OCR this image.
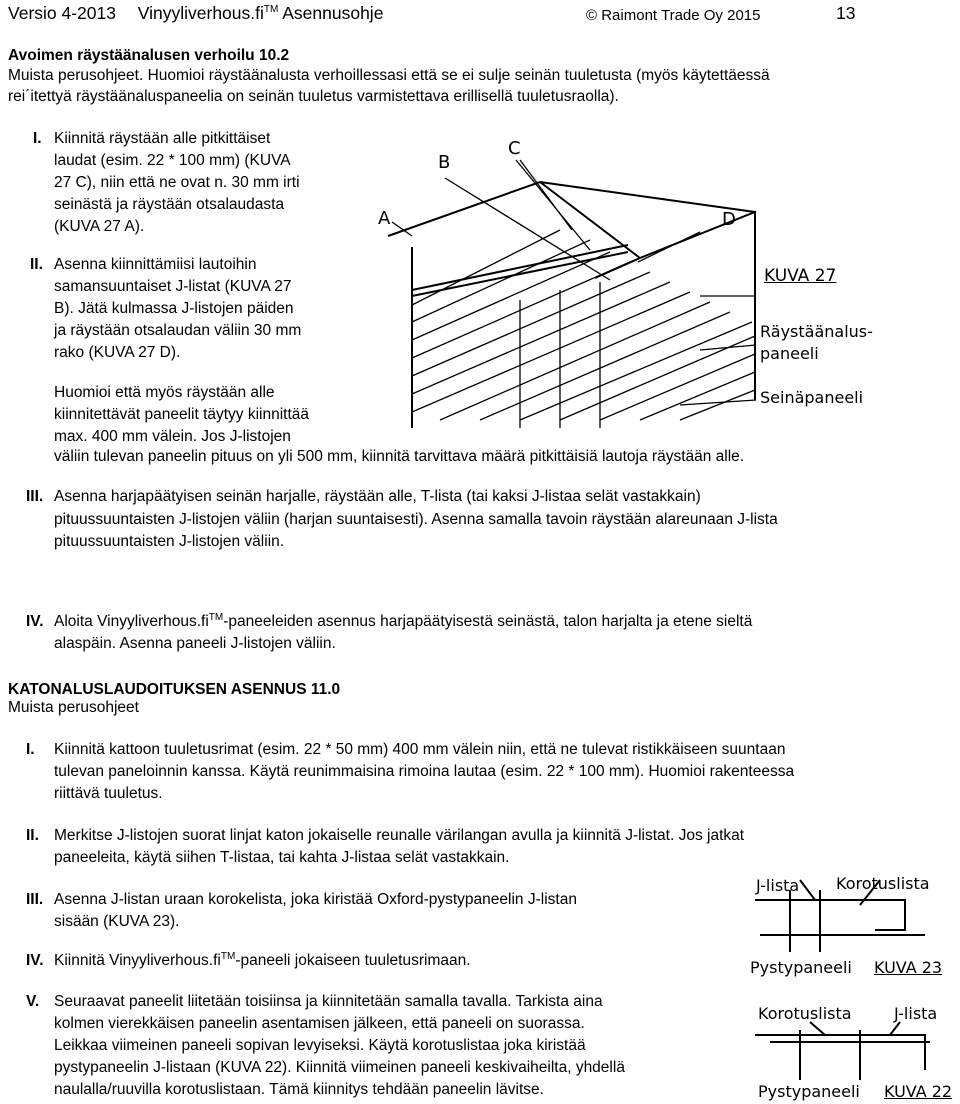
Versio 4-2013 Vinyyliverhous.fi™ Asennusohje	© Raimont Trade Oy 2015	13
Avoimen räystäänalusen verhoilu 10.2
Muista perusohjeet. Huomioi räystäänalusta verhoillessasi että se ei sulje seinän tuuletusta (myös käytettäessä
rei´itettyä räystäänaluspaneelia on seinän tuuletus varmistettava erillisellä tuuletusraolla).
I. Kiinnitä räystään alle pitkittäiset
laudat (esim. 22 * 100 mm) (KUVA
27 C), niin että ne ovat n. 30 mm irti
seinästä ja räystään otsalaudasta
(KUVA 27 A).
II. Asenna kiinnittämiisi lautoihin
samansuuntaiset J-listat (KUVA 27
B). Jätä kulmassa J-listojen päiden
ja räystään otsalaudan väliin 30 mm
rako (KUVA 27 D).
Huomioi että myös räystään alle
kiinnitettävät paneelit täytyy kiinnittää
max. 400 mm välein. Jos J-listojen
väliin tulevan paneelin pituus on yli 500 mm, kiinnitä tarvittava määrä pitkittäisiä lautoja räystään alle.
III. Asenna harjapäätyisen seinän harjalle, räystään alle, T-lista (tai kaksi J-listaa selät vastakkain)
pituussuuntaisten J-listojen väliin (harjan suuntaisesti). Asenna samalla tavoin räystään alareunaan J-lista
pituussuuntaisten J-listojen väliin.
IV. Aloita Vinyyliverhous.fi™-paneeleiden asennus harjapäätyisestä seinästä, talon harjalta ja etene sieltä
alaspäin. Asenna paneeli J-listojen väliin.
A
B
C
D
KUVA 27
Räystäänalus-
paneeli
Seinäpaneeli
KATONALUSLAUDOITUKSEN ASENNUS 11.0
Muista perusohjeet
I. Kiinnitä kattoon tuuletusrimat (esim. 22 * 50 mm) 400 mm välein niin, että ne tulevat ristikkäiseen suuntaan
tulevan paneloinnin kanssa. Käytä reunimmaisina rimoina lautaa (esim. 22 * 100 mm). Huomioi rakenteessa
riittävä tuuletus.
II. Merkitse J-listojen suorat linjat katon jokaiselle reunalle värilangan avulla ja kiinnitä J-listat. Jos jatkat
paneeleita, käytä siihen T-listaa, tai kahta J-listaa selät vastakkain.
III. Asenna J-listan uraan korokelista, joka kiristää Oxford-pystypaneelin J-listan
sisään (KUVA 23).
IV. Kiinnitä Vinyyliverhous.fi™-paneeli jokaiseen tuuletusrimaan.
V. Seuraavat paneelit liitetään toisiinsa ja kiinnitetään samalla tavalla. Tarkista aina
kolmen vierekkäisen paneelin asentamisen jälkeen, että paneeli on suorassa.
Leikkaa viimeinen paneeli sopivan levyiseksi. Käytä korotuslistaa joka kiristää
pystypaneelin J-listaan (KUVA 22). Kiinnitä viimeinen paneeli keskivaiheilta, yhdellä
naulalla/ruuvilla korotuslistaan. Tämä kiinnitys tehdään paneelin lävitse.
J-lista Korotuslista
Pystypaneeli KUVA 23
Korotuslista	J-lista
Pystypaneeli KUVA 22
